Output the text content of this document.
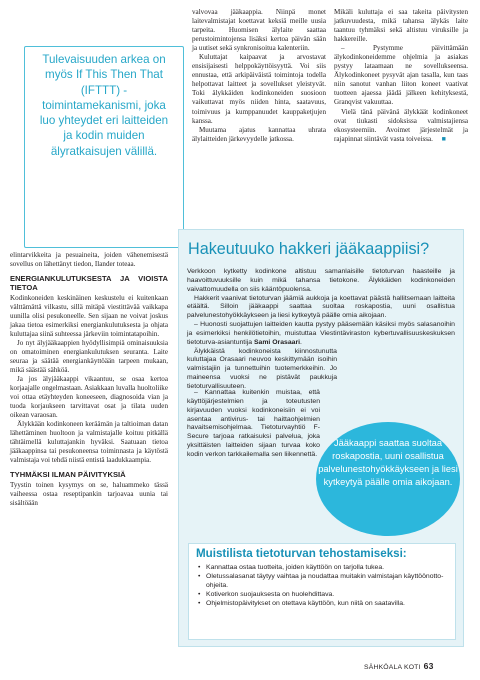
Tulevaisuuden arkea on myös If This Then That (IFTTT) -toimintamekanismi, joka luo yhteydet eri laitteiden ja kodin muiden älyratkaisujen välillä.

valvovaa jääkaappia. Niinpä monet laitevalmistajat koettavat keksiä meille uusia tarpeita. Huomisen älylaite saattaa perustoimintojensa lisäksi kertoa päivän sään ja uutiset sekä synkronisoitua kalenteriin.

Kuluttajat kaipaavat ja arvostavat ensisijaisesti helppokäyttöisyyttä. Voi siis ennustaa, että arkipäiväistä toimintoja todella helpottavat laitteet ja sovellukset yleistyvät. Toki älykkäiden kodinkoneiden suosioon vaikuttavat myös niiden hinta, saatavuus, toimivuus ja kumppanuudet kauppaketjujen kanssa.

Muutama ajatus kannattaa uhrata älylaitteiden järkevyydelle jatkossa.

Mikäli kuluttaja ei saa takeita päivitysten jatkuvuudesta, mikä tahansa älykäs laite taantuu tyhmäksi sekä altistuu viruksille ja hakkereille.

– Pystymme päivittämään älykodinkoneidemme ohjelmia ja asiakas pystyy lataamaan ne sovellukseensa. Älykodinkoneet pysyvät ajan tasalla, kun taas niin sanotut vanhan liiton koneet vaativat tuotteen ajaessa jäädä jälkeen kehityksestä, Granqvist vakuuttaa.

Vielä tänä päivänä älykkäät kodinkoneet ovat tiukasti sidoksissa valmistajiensa ekosysteemiin. Avoimet järjestelmät ja rajapinnat siintävät vasta toiveissa. ■

elintarvikkeita ja pesuaineita, joiden vähenemisestä sovellus on lähettänyt tiedon, Ilander toteaa.

ENERGIANKULUTUKSESTA JA VIOISTA TIETOA

Kodinkoneiden keskinäinen keskustelu ei kuitenkaan välttämättä vilkastu, sillä mitäpä viestittävää vaikkapa uunilla olisi pesukoneelle. Sen sijaan ne voivat joskus jakaa tietoa esimerkiksi energiankulutuksesta ja ohjata kuluttajaa siinä suhteessa järkeviin toimintatapoihin.

Jo nyt älyjääkaappien hyödyllisimpiä ominaisuuksia on omatoiminen energiankulutuksen seuranta. Laite seuraa ja säätää energiankäyttöään tarpeen mukaan, mikä säästää sähköä.

Ja jos älyjääkaappi vikaantuu, se osaa kertoa korjaajalle ongelmastaan. Asiakkaan luvalla huoltoliike voi ottaa etäyhteyden koneeseen, diagnosoida vian ja tuoda korjaukseen tarvittavat osat ja tilata uuden oikean varaosan.

Älykkään kodinkoneen keräämän ja taltioiman datan lähettäminen huoltoon ja valmistajalle koituu pitkällä tähtäimellä kuluttajankin hyväksi. Saatuaan tietoa jääkaappinsa tai pesukoneensa toiminnasta ja käytöstä valmistaja voi tehdä niistä entistä laadukkaampia.

TYHMÄKSI ILMAN PÄIVITYKSIÄ

Tyystin toinen kysymys on se, haluammeko tässä vaiheessa ostaa reseptipankin tarjoavaa uunia tai sisältöään

Hakeutuuko hakkeri jääkaappiisi?

Verkkoon kytketty kodinkone altistuu samanlaisille tietoturvan haasteille ja haavoittuvuuksille kuin mikä tahansa tietokone. Älykkäiden kodinkoneiden vaivattomuudella on siis kääntöpuolensa.

Hakkerit vaanivat tietoturvan jäämiä aukkoja ja koettavat päästä hallitsemaan laitteita etäältä. Silloin jääkaappi saattaa suoltaa roskapostia, uuni osallistua palvelunestohyökkäykseen ja liesi kytkeytyä päälle omia aikojaan.

– Huonosti suojattujen laitteiden kautta pystyy pääsemään käsiksi myös salasanoihin ja esimerkiksi henkilötietoihin, muistuttaa Viestintäviraston kybertuvallisuuskeskuksen tietoturva-asiantuntija Sami Orasaari.

Älykkäistä kodinkoneista kiinnostunutta kuluttajaa Orasaari neuvoo keskittymään isoihin valmistajiin ja tunnettuihin tuotemerkkeihin. Jo maineensa vuoksi ne pistävät paukkuja tietoturvallisuuteen.

– Kannattaa kuitenkin muistaa, että käyttöjärjestelmien ja toteutusten kirjavuuden vuoksi kodinkoneisiin ei voi asentaa antivirus- tai haittaohjelmien havaitsemisohjelmaa. Tietoturvayhtiö F-Secure tarjoaa ratkaisuksi palvelua, joka yksittäisten laitteiden sijaan turvaa koko kodin verkon tarkkailemalla sen liikennettä.

Jääkaappi saattaa suoltaa roskapostia, uuni osallistua palvelunestohyökkäykseen ja liesi kytkeytyä päälle omia aikojaan.
• Kannattaa ostaa tuotteita, joiden käyttöön on tarjolla tukea.
• Oletussalasanat täytyy vaihtaa ja noudattaa muitakin valmistajan käyttöönotto-ohjeita.
• Kotiverkon suojauksesta on huolehdittava.
• Ohjelmistopäivitykset on otettava käyttöön, kun niitä on saatavilla.
Muistilista tietoturvan tehostamiseksi:
SÄHKÖALA KOTI 63
